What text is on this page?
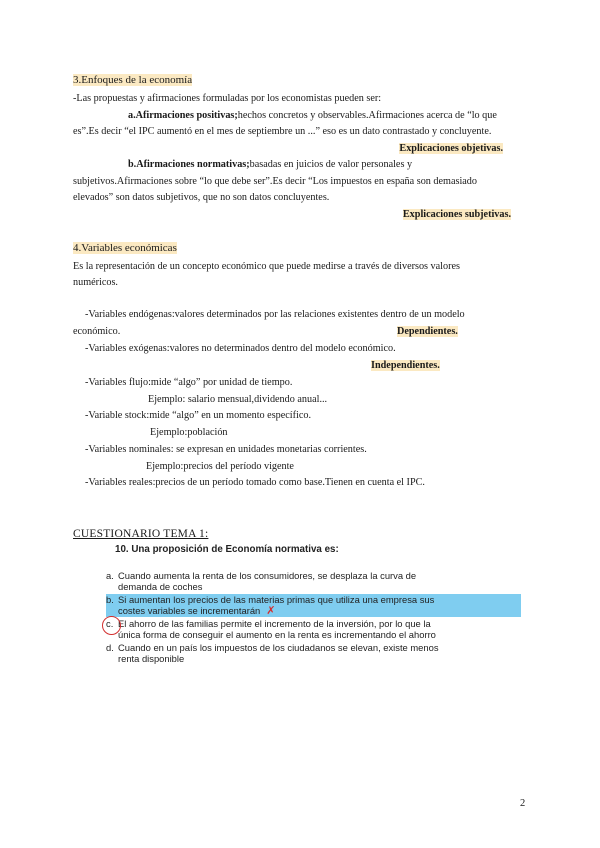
3.Enfoques de la economía
-Las propuestas y afirmaciones formuladas por los economistas pueden ser:
a.Afirmaciones positivas;hechos concretos y observables.Afirmaciones acerca de “lo que
es”.Es decir “el IPC aumentó en el mes de septiembre un ...” eso es un dato contrastado y concluyente.
Explicaciones objetivas.
b.Afirmaciones normativas;basadas en juicios de valor personales y
subjetivos.Afirmaciones sobre “lo que debe ser”.Es decir “Los impuestos en españa son demasiado
elevados” son datos subjetivos, que no son datos concluyentes.
Explicaciones subjetivas.
4.Variables económicas
Es la representación de un concepto económico que puede medirse a través de diversos valores
numéricos.
-Variables endógenas:valores determinados por las relaciones existentes dentro de un modelo
económico.	Dependientes.
-Variables exógenas:valores no determinados dentro del modelo económico.
Independientes.
-Variables flujo:mide “algo” por unidad de tiempo.
Ejemplo: salario mensual,dividendo anual...
-Variable stock:mide “algo” en un momento específico.
Ejemplo:población
-Variables nominales: se expresan en unidades monetarias corrientes.
Ejemplo:precios del período vigente
-Variables reales:precios de un período tomado como base.Tienen en cuenta el IPC.
CUESTIONARIO TEMA 1:
10. Una proposición de Economía normativa es:
a. Cuando aumenta la renta de los consumidores, se desplaza la curva de
demanda de coches
b. Si aumentan los precios de las materias primas que utiliza una empresa sus
costes variables se incrementarán ✗
c. El ahorro de las familias permite el incremento de la inversión, por lo que la
única forma de conseguir el aumento en la renta es incrementando el ahorro
d. Cuando en un país los impuestos de los ciudadanos se elevan, existe menos
renta disponible
2
